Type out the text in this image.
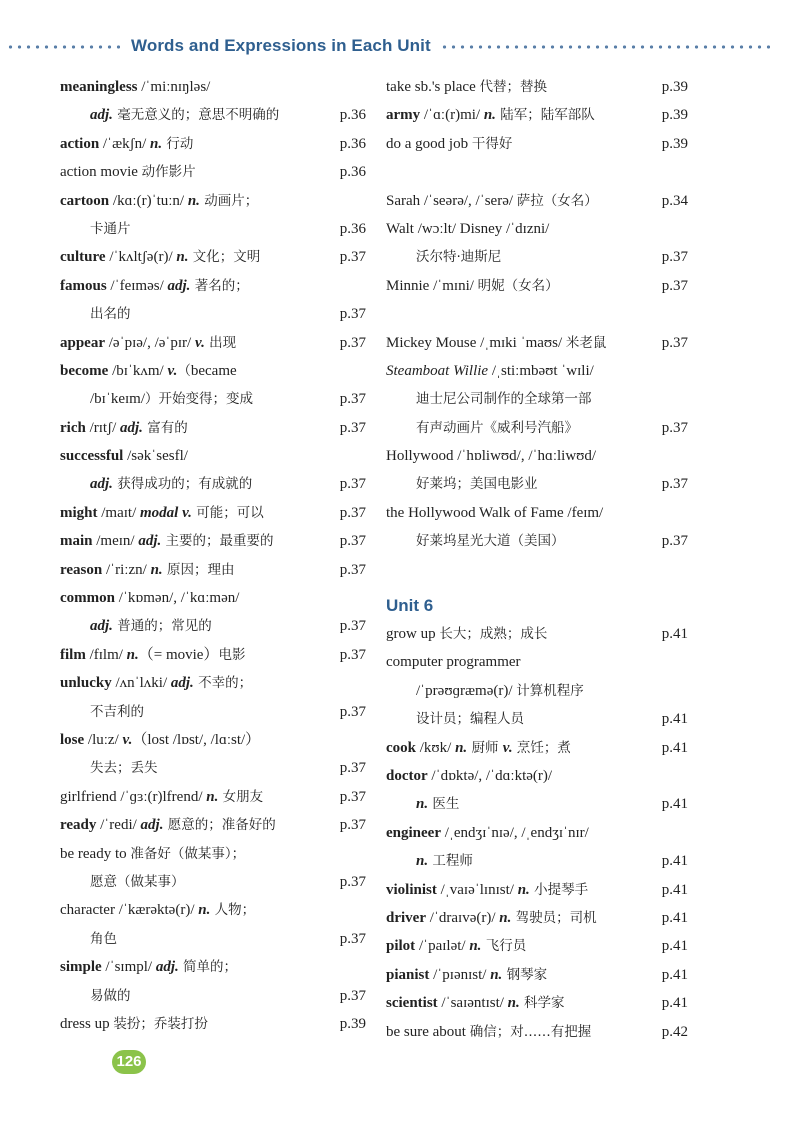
Words and Expressions in Each Unit
meaningless /ˈmiːnɪŋləs/
adj. 毫无意义的；意思不明确的	p.36
action /ˈækʃn/ n. 行动	p.36
action movie 动作影片	p.36
cartoon /kɑː(r)ˈtuːn/ n. 动画片；
卡通片	p.36
culture /ˈkʌltʃə(r)/ n. 文化；文明	p.37
famous /ˈfeɪməs/ adj. 著名的；
出名的	p.37
appear /əˈpɪə/, /əˈpɪr/ v. 出现	p.37
become /bɪˈkʌm/ v.（became
/bɪˈkeɪm/）开始变得；变成	p.37
rich /rɪtʃ/ adj. 富有的	p.37
successful /səkˈsesfl/
adj. 获得成功的；有成就的	p.37
might /maɪt/ modal v. 可能；可以	p.37
main /meɪn/ adj. 主要的；最重要的	p.37
reason /ˈriːzn/ n. 原因；理由	p.37
common /ˈkɒmən/, /ˈkɑːmən/
adj. 普通的；常见的	p.37
film /fɪlm/ n.（= movie）电影	p.37
unlucky /ʌnˈlʌki/ adj. 不幸的；
不吉利的	p.37
lose /luːz/ v.（lost /lɒst/, /lɑːst/）
失去；丢失	p.37
girlfriend /ˈɡɜː(r)lfrend/ n. 女朋友	p.37
ready /ˈredi/ adj. 愿意的；准备好的	p.37
be ready to 准备好（做某事）；
愿意（做某事）	p.37
character /ˈkærəktə(r)/ n. 人物；
角色	p.37
simple /ˈsɪmpl/ adj. 简单的；
易做的	p.37
dress up 装扮；乔装打扮	p.39
take sb.'s place 代替；替换	p.39
army /ˈɑː(r)mi/ n. 陆军；陆军部队	p.39
do a good job 干得好	p.39
Sarah /ˈseərə/, /ˈserə/ 萨拉（女名）	p.34
Walt /wɔːlt/ Disney /ˈdɪzni/
沃尔特·迪斯尼	p.37
Minnie /ˈmɪni/ 明妮（女名）	p.37
Mickey Mouse /ˌmɪki ˈmaʊs/ 米老鼠	p.37
Steamboat Willie /ˌstiːmbəʊt ˈwɪli/
迪士尼公司制作的全球第一部
有声动画片《威利号汽船》	p.37
Hollywood /ˈhɒliwʊd/, /ˈhɑːliwʊd/
好莱坞；美国电影业	p.37
the Hollywood Walk of Fame /feɪm/
好莱坞星光大道（美国）	p.37
Unit 6
grow up 长大；成熟；成长	p.41
computer programmer
/ˈprəʊɡræmə(r)/ 计算机程序
设计员；编程人员	p.41
cook /kʊk/ n. 厨师 v. 烹饪；煮	p.41
doctor /ˈdɒktə/, /ˈdɑːktə(r)/
n. 医生	p.41
engineer /ˌendʒɪˈnɪə/, /ˌendʒɪˈnɪr/
n. 工程师	p.41
violinist /ˌvaɪəˈlɪnɪst/ n. 小提琴手	p.41
driver /ˈdraɪvə(r)/ n. 驾驶员；司机	p.41
pilot /ˈpaɪlət/ n. 飞行员	p.41
pianist /ˈpɪənɪst/ n. 钢琴家	p.41
scientist /ˈsaɪəntɪst/ n. 科学家	p.41
be sure about 确信；对……有把握	p.42
126
